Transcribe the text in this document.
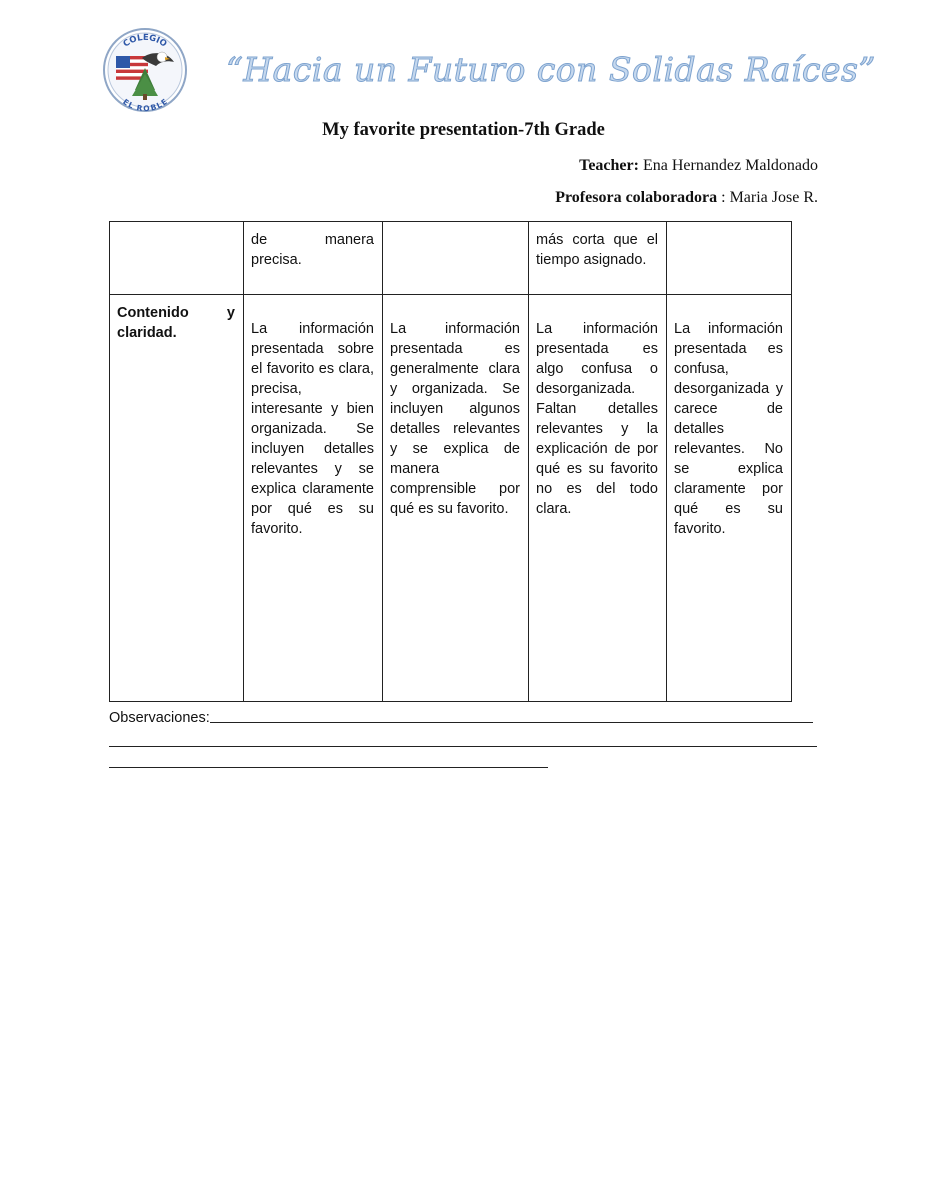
COLEGIO
EL ROBLE
“Hacia un Futuro con Solidas Raíces”
My favorite presentation-7th Grade
Teacher: Ena Hernandez Maldonado
Profesora colaboradora : Maria Jose R.
	de manera precisa.		más corta que el tiempo asignado.	
Contenido y claridad.	La información presentada sobre el favorito es clara, precisa, interesante y bien organizada. Se incluyen detalles relevantes y se explica claramente por qué es su favorito.	La información presentada es generalmente clara y organizada. Se incluyen algunos detalles relevantes y se explica de manera comprensible por qué es su favorito.	La información presentada es algo confusa o desorganizada. Faltan detalles relevantes y la explicación de por qué es su favorito no es del todo clara.	La información presentada es confusa, desorganizada y carece de detalles relevantes. No se explica claramente por qué es su favorito.
Observaciones:
